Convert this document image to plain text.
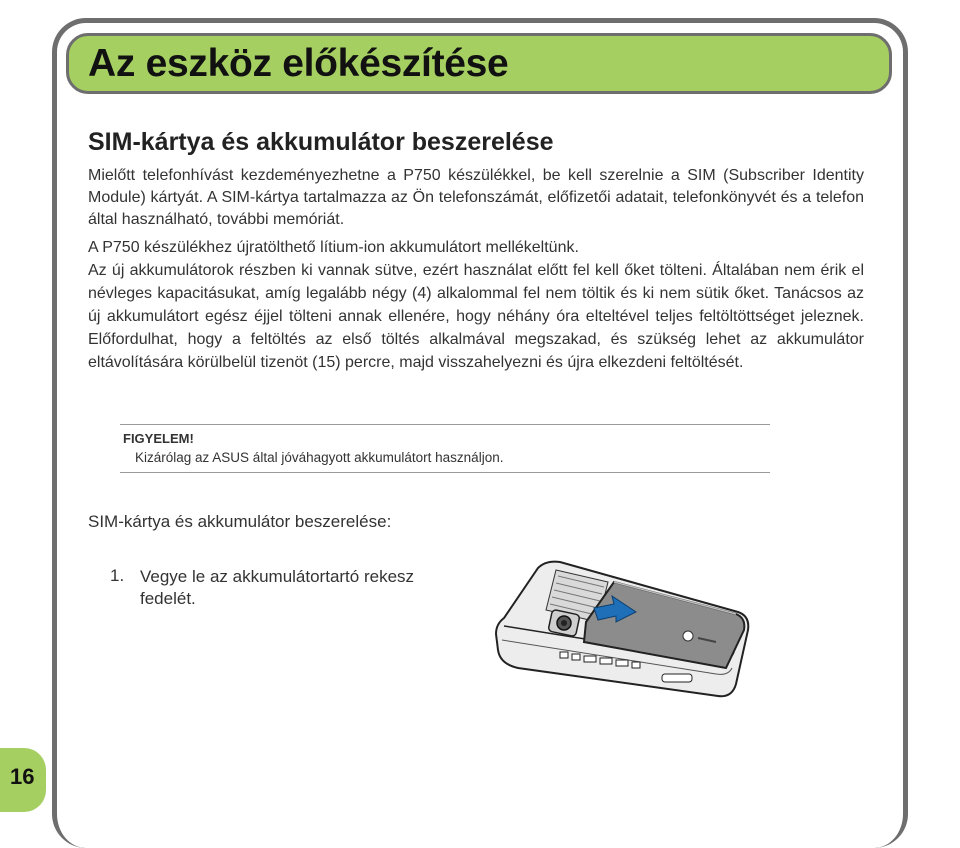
Az eszköz előkészítése
SIM-kártya és akkumulátor beszerelése

Mielőtt telefonhívást kezdeményezhetne a P750 készülékkel, be kell szerelnie a SIM (Subscriber Identity Module) kártyát. A SIM-kártya tartalmazza az Ön telefonszámát, előfizetői adatait, telefonkönyvét és a telefon által használható, további memóriát.

A P750 készülékhez újratölthető lítium-ion akkumulátort mellékeltünk.

Az új akkumulátorok részben ki vannak sütve, ezért használat előtt fel kell őket tölteni. Általában nem érik el névleges kapacitásukat, amíg legalább négy (4) alkalommal fel nem töltik és ki nem sütik őket. Tanácsos az új akkumulátort egész éjjel tölteni annak ellenére, hogy néhány óra elteltével teljes feltöltöttséget jeleznek. Előfordulhat, hogy a feltöltés az első töltés alkalmával megszakad, és szükség lehet az akkumulátor eltávolítására körülbelül tizenöt (15) percre, majd visszahelyezni és újra elkezdeni feltöltését.

FIGYELEM!
Kizárólag az ASUS által jóváhagyott akkumulátort használjon.
SIM-kártya és akkumulátor beszerelése:
1. Vegye le az akkumulátortartó rekesz fedelét.
16
